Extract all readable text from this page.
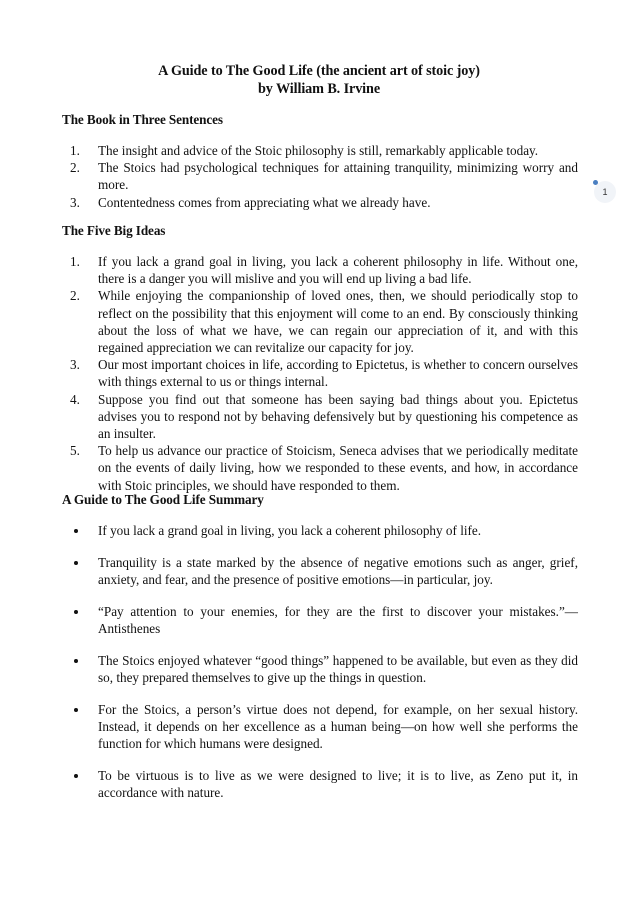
A Guide to The Good Life (the ancient art of stoic joy)
by William B. Irvine
The Book in Three Sentences
1. The insight and advice of the Stoic philosophy is still, remarkably applicable today.
2. The Stoics had psychological techniques for attaining tranquility, minimizing worry and more.
3. Contentedness comes from appreciating what we already have.
The Five Big Ideas
1. If you lack a grand goal in living, you lack a coherent philosophy in life. Without one, there is a danger you will mislive and you will end up living a bad life.
2. While enjoying the companionship of loved ones, then, we should periodically stop to reflect on the possibility that this enjoyment will come to an end. By consciously thinking about the loss of what we have, we can regain our appreciation of it, and with this regained appreciation we can revitalize our capacity for joy.
3. Our most important choices in life, according to Epictetus, is whether to concern ourselves with things external to us or things internal.
4. Suppose you find out that someone has been saying bad things about you. Epictetus advises you to respond not by behaving defensively but by questioning his competence as an insulter.
5. To help us advance our practice of Stoicism, Seneca advises that we periodically meditate on the events of daily living, how we responded to these events, and how, in accordance with Stoic principles, we should have responded to them.
A Guide to The Good Life Summary
If you lack a grand goal in living, you lack a coherent philosophy of life.
Tranquility is a state marked by the absence of negative emotions such as anger, grief, anxiety, and fear, and the presence of positive emotions—in particular, joy.
“Pay attention to your enemies, for they are the first to discover your mistakes.”—Antisthenes
The Stoics enjoyed whatever “good things” happened to be available, but even as they did so, they prepared themselves to give up the things in question.
For the Stoics, a person’s virtue does not depend, for example, on her sexual history. Instead, it depends on her excellence as a human being—on how well she performs the function for which humans were designed.
To be virtuous is to live as we were designed to live; it is to live, as Zeno put it, in accordance with nature.
1
